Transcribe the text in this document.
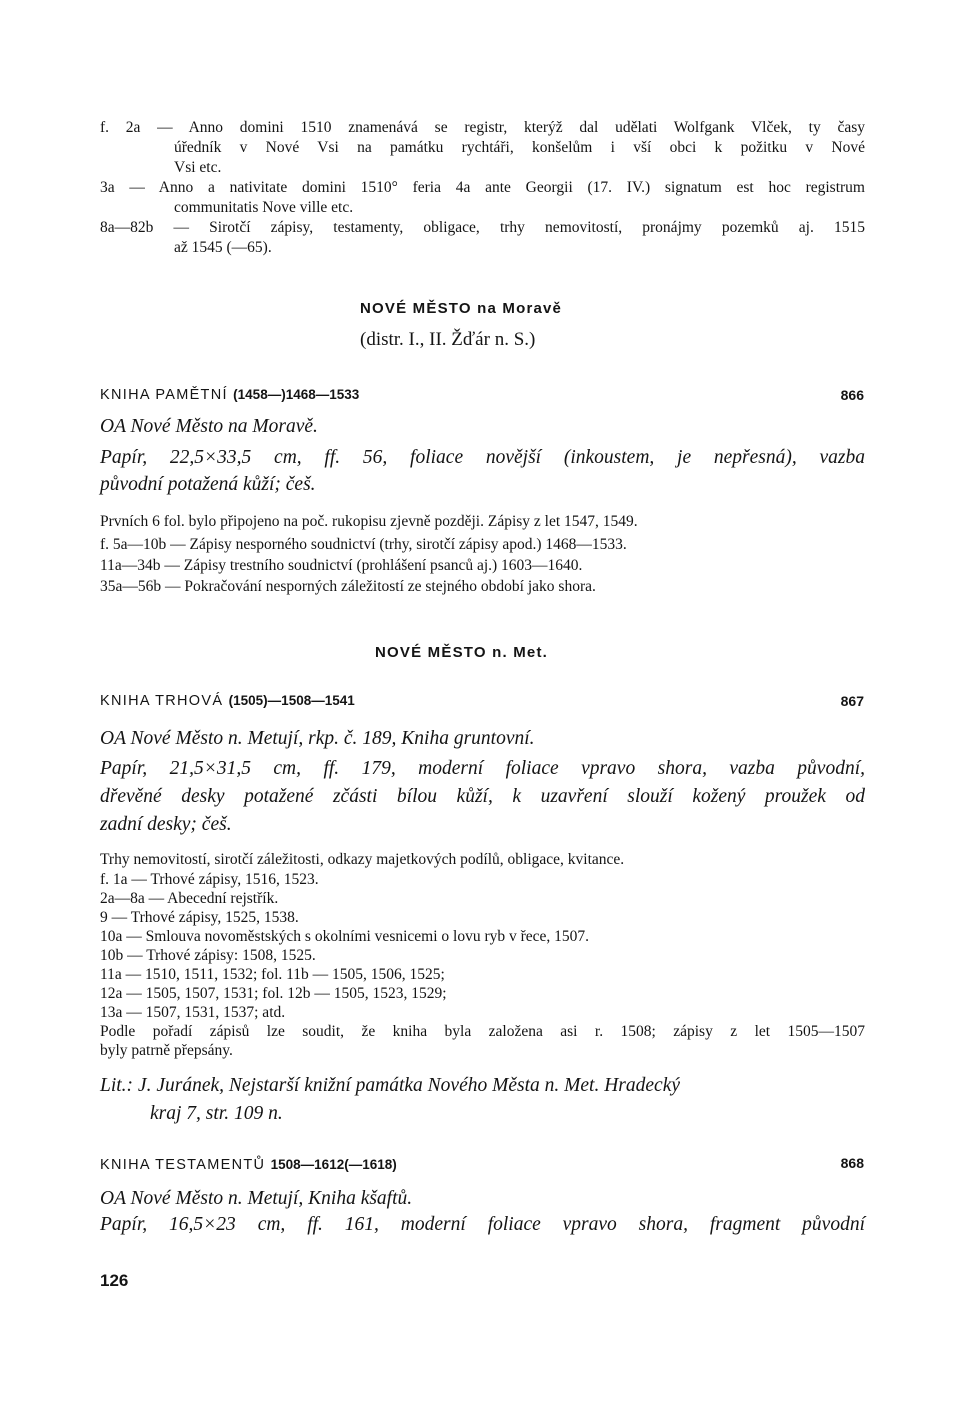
f. 2a — Anno domini 1510 znamenává se registr, kterýž dal udělati Wolfgank Vlček, ty časy
úředník v Nové Vsi na památku rychtáři, konšelům i vší obci k požitku v Nové
Vsi etc.
3a — Anno a nativitate domini 1510° feria 4a ante Georgii (17. IV.) signatum est hoc registrum
communitatis Nove ville etc.
8a—82b — Sirotčí zápisy, testamenty, obligace, trhy nemovitostí, pronájmy pozemků aj. 1515
až 1545 (—65).
NOVÉ MĚSTO na Moravě
(distr. I., II. Žďár n. S.)
KNIHA PAMĚTNÍ (1458—)1468—1533	866
OA Nové Město na Moravě.
Papír, 22,5×33,5 cm, ff. 56, foliace novější (inkoustem, je nepřesná), vazba
původní potažená kůží; češ.
Prvních 6 fol. bylo připojeno na poč. rukopisu zjevně později. Zápisy z let 1547, 1549.
f. 5a—10b — Zápisy nesporného soudnictví (trhy, sirotčí zápisy apod.) 1468—1533.
11a—34b — Zápisy trestního soudnictví (prohlášení psanců aj.) 1603—1640.
35a—56b — Pokračování nesporných záležitostí ze stejného období jako shora.
NOVÉ MĚSTO n. Met.
KNIHA TRHOVÁ (1505)—1508—1541	867
OA Nové Město n. Metují, rkp. č. 189, Kniha gruntovní.
Papír, 21,5×31,5 cm, ff. 179, moderní foliace vpravo shora, vazba původní,
dřevěné desky potažené zčásti bílou kůží, k uzavření slouží kožený proužek od
zadní desky; češ.
Trhy nemovitostí, sirotčí záležitosti, odkazy majetkových podílů, obligace, kvitance.
f. 1a — Trhové zápisy, 1516, 1523.
2a—8a — Abecední rejstřík.
9 — Trhové zápisy, 1525, 1538.
10a — Smlouva novoměstských s okolními vesnicemi o lovu ryb v řece, 1507.
10b — Trhové zápisy: 1508, 1525.
11a — 1510, 1511, 1532; fol. 11b — 1505, 1506, 1525;
12a — 1505, 1507, 1531; fol. 12b — 1505, 1523, 1529;
13a — 1507, 1531, 1537; atd.
Podle pořadí zápisů lze soudit, že kniha byla založena asi r. 1508; zápisy z let 1505—1507
byly patrně přepsány.
Lit.: J. Juránek, Nejstarší knižní památka Nového Města n. Met. Hradecký
kraj 7, str. 109 n.
KNIHA TESTAMENTŮ 1508—1612(—1618)	868
OA Nové Město n. Metují, Kniha kšaftů.
Papír, 16,5×23 cm, ff. 161, moderní foliace vpravo shora, fragment původní
126
